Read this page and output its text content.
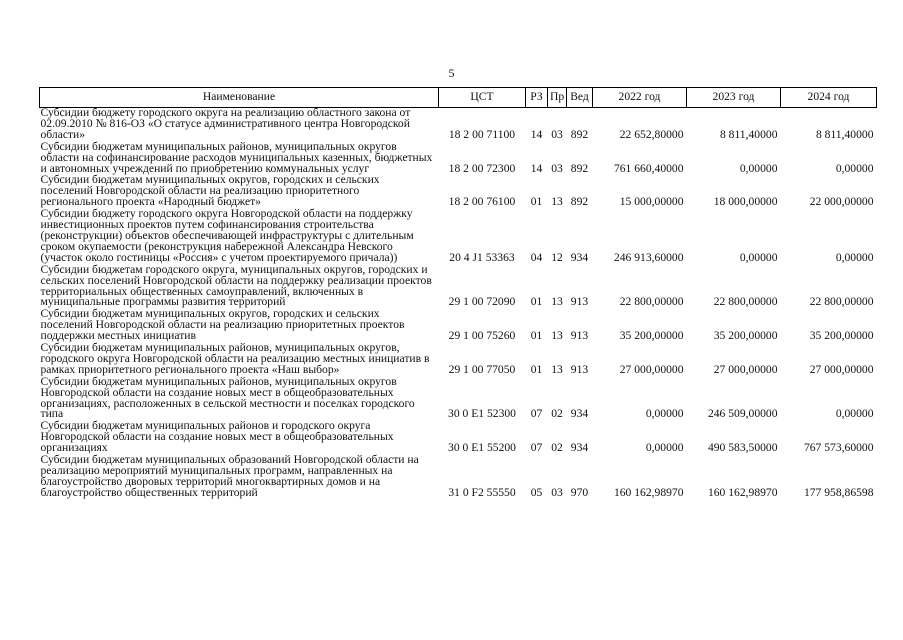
5
Наименование	ЦСТ	РЗ	Пр	Вед	2022 год	2023 год	2024 год
Субсидии бюджету городского округа на реализацию областного закона от 02.09.2010 № 816-ОЗ «О статусе административного центра Новгородской области»	18 2 00 71100	14	03	892	22 652,80000	8 811,40000	8 811,40000
Субсидии бюджетам муниципальных районов, муниципальных округов области на софинансирование расходов муниципальных казенных, бюджетных и автономных учреждений по приобретению коммунальных услуг	18 2 00 72300	14	03	892	761 660,40000	0,00000	0,00000
Субсидии бюджетам муниципальных округов, городских и сельских поселений Новгородской области на реализацию приоритетного регионального проекта «Народный бюджет»	18 2 00 76100	01	13	892	15 000,00000	18 000,00000	22 000,00000
Субсидии бюджету городского округа Новгородской области на поддержку инвестиционных проектов путем софинансирования строительства (реконструкции) объектов обеспечивающей инфраструктуры с длительным сроком окупаемости (реконструкция набережной Александра Невского (участок около гостиницы «Россия» с учетом проектируемого причала))	20 4 J1 53363	04	12	934	246 913,60000	0,00000	0,00000
Субсидии бюджетам городского округа, муниципальных округов, городских и сельских поселений Новгородской области на поддержку реализации проектов территориальных общественных самоуправлений, включенных в муниципальные программы развития территорий	29 1 00 72090	01	13	913	22 800,00000	22 800,00000	22 800,00000
Субсидии бюджетам муниципальных округов, городских и сельских поселений Новгородской области на реализацию приоритетных проектов поддержки местных инициатив	29 1 00 75260	01	13	913	35 200,00000	35 200,00000	35 200,00000
Субсидии бюджетам муниципальных районов, муниципальных округов, городского округа Новгородской области на реализацию местных инициатив в рамках приоритетного регионального проекта «Наш выбор»	29 1 00 77050	01	13	913	27 000,00000	27 000,00000	27 000,00000
Субсидии бюджетам муниципальных районов, муниципальных округов Новгородской области на создание новых мест в общеобразовательных организациях, расположенных в сельской местности и поселках городского типа	30 0 E1 52300	07	02	934	0,00000	246 509,00000	0,00000
Субсидии бюджетам муниципальных районов и городского округа Новгородской области на создание новых мест в общеобразовательных организациях	30 0 E1 55200	07	02	934	0,00000	490 583,50000	767 573,60000
Субсидии бюджетам муниципальных образований Новгородской области на реализацию мероприятий муниципальных программ, направленных на благоустройство дворовых территорий многоквартирных домов и на благоустройство общественных территорий	31 0 F2 55550	05	03	970	160 162,98970	160 162,98970	177 958,86598
